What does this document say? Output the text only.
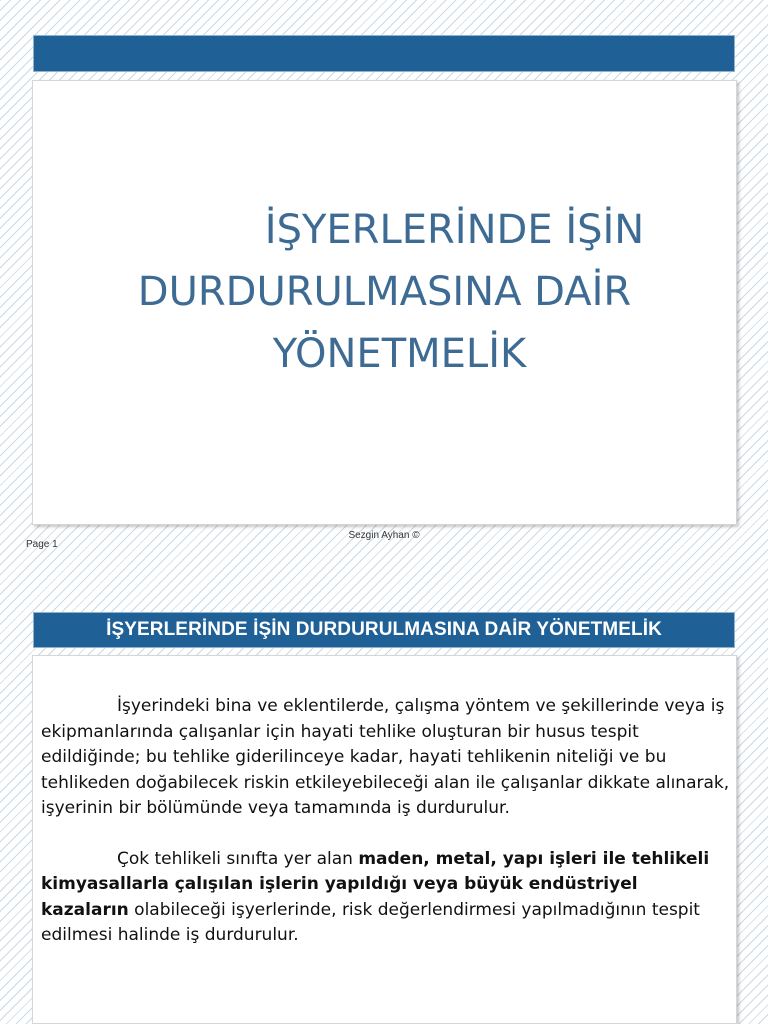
İŞYERLERİNDE İŞİN
DURDURULMASINA DAİR
YÖNETMELİK
Sezgin Ayhan ©
Page 1
İŞYERLERİNDE İŞİN DURDURULMASINA DAİR YÖNETMELİK

İşyerindeki bina ve eklentilerde, çalışma yöntem ve şekillerinde veya iş ekipmanlarında çalışanlar için hayati tehlike oluşturan bir husus tespit edildiğinde; bu tehlike giderilinceye kadar, hayati tehlikenin niteliği ve bu tehlikeden doğabilecek riskin etkileyebileceği alan ile çalışanlar dikkate alınarak, işyerinin bir bölümünde veya tamamında iş durdurulur.

Çok tehlikeli sınıfta yer alan maden, metal, yapı işleri ile tehlikeli kimyasallarla çalışılan işlerin yapıldığı veya büyük endüstriyel kazaların olabileceği işyerlerinde, risk değerlendirmesi yapılmadığının tespit edilmesi halinde iş durdurulur.
